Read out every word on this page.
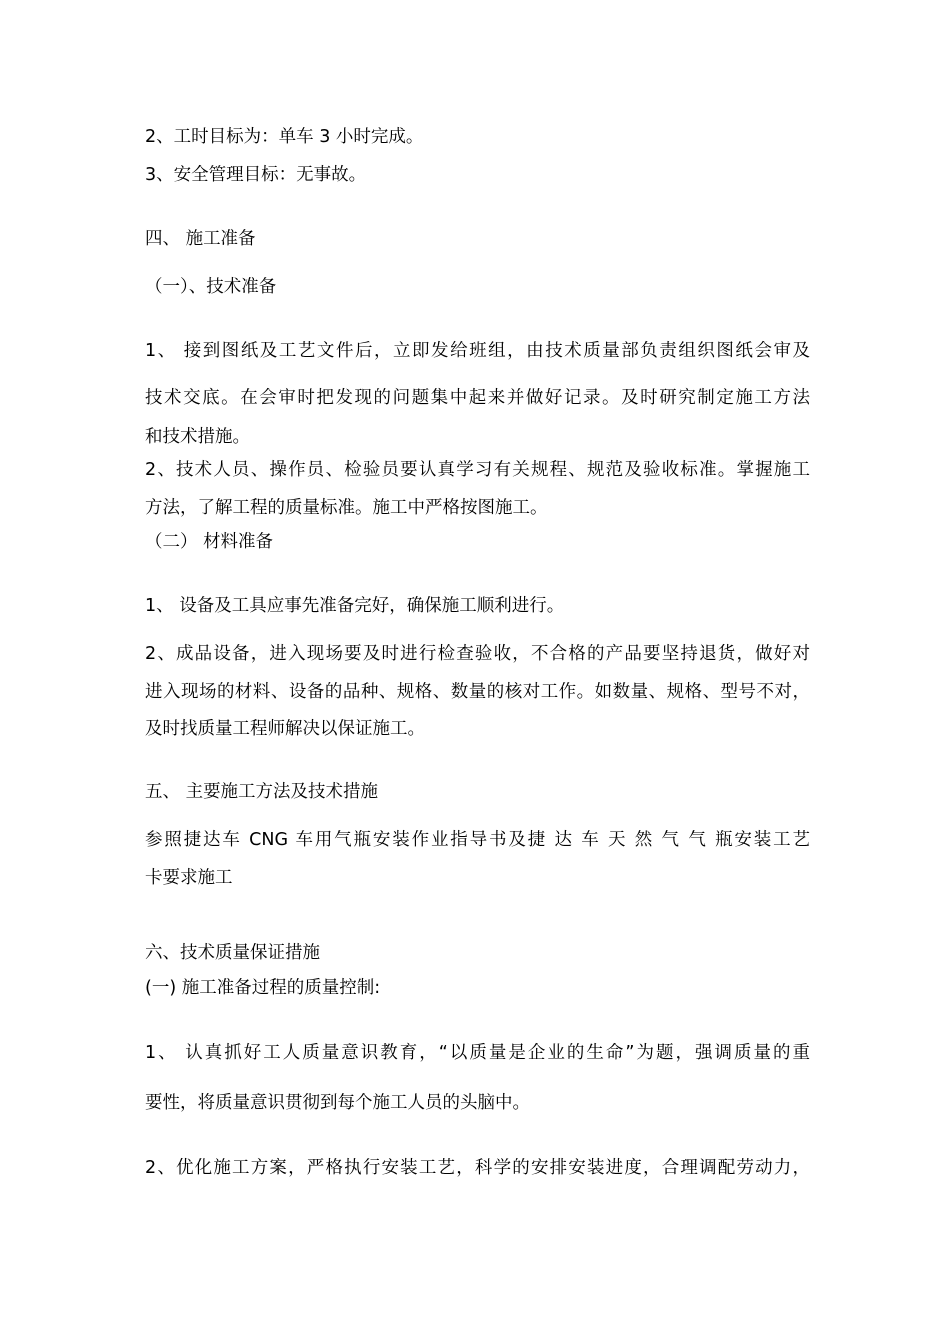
2、工时目标为：单车 3 小时完成。
3、安全管理目标：无事故。
四、 施工准备
（一）、技术准备
1、 接到图纸及工艺文件后，立即发给班组，由技术质量部负责组织图纸会审及
技术交底。在会审时把发现的问题集中起来并做好记录。及时研究制定施工方法
和技术措施。
2、技术人员、操作员、检验员要认真学习有关规程、规范及验收标准。掌握施工
方法，了解工程的质量标准。施工中严格按图施工。
（二） 材料准备
1、 设备及工具应事先准备完好，确保施工顺利进行。
2、成品设备，进入现场要及时进行检查验收，不合格的产品要坚持退货，做好对
进入现场的材料、设备的品种、规格、数量的核对工作。如数量、规格、型号不对，
及时找质量工程师解决以保证施工。
五、 主要施工方法及技术措施
参照捷达车 CNG 车用气瓶安装作业指导书及捷 达 车 天 然 气 气 瓶安装工艺
卡要求施工
六、技术质量保证措施
(一) 施工准备过程的质量控制:
1、 认真抓好工人质量意识教育，“以质量是企业的生命”为题，强调质量的重
要性，将质量意识贯彻到每个施工人员的头脑中。
2、优化施工方案，严格执行安装工艺，科学的安排安装进度，合理调配劳动力，
